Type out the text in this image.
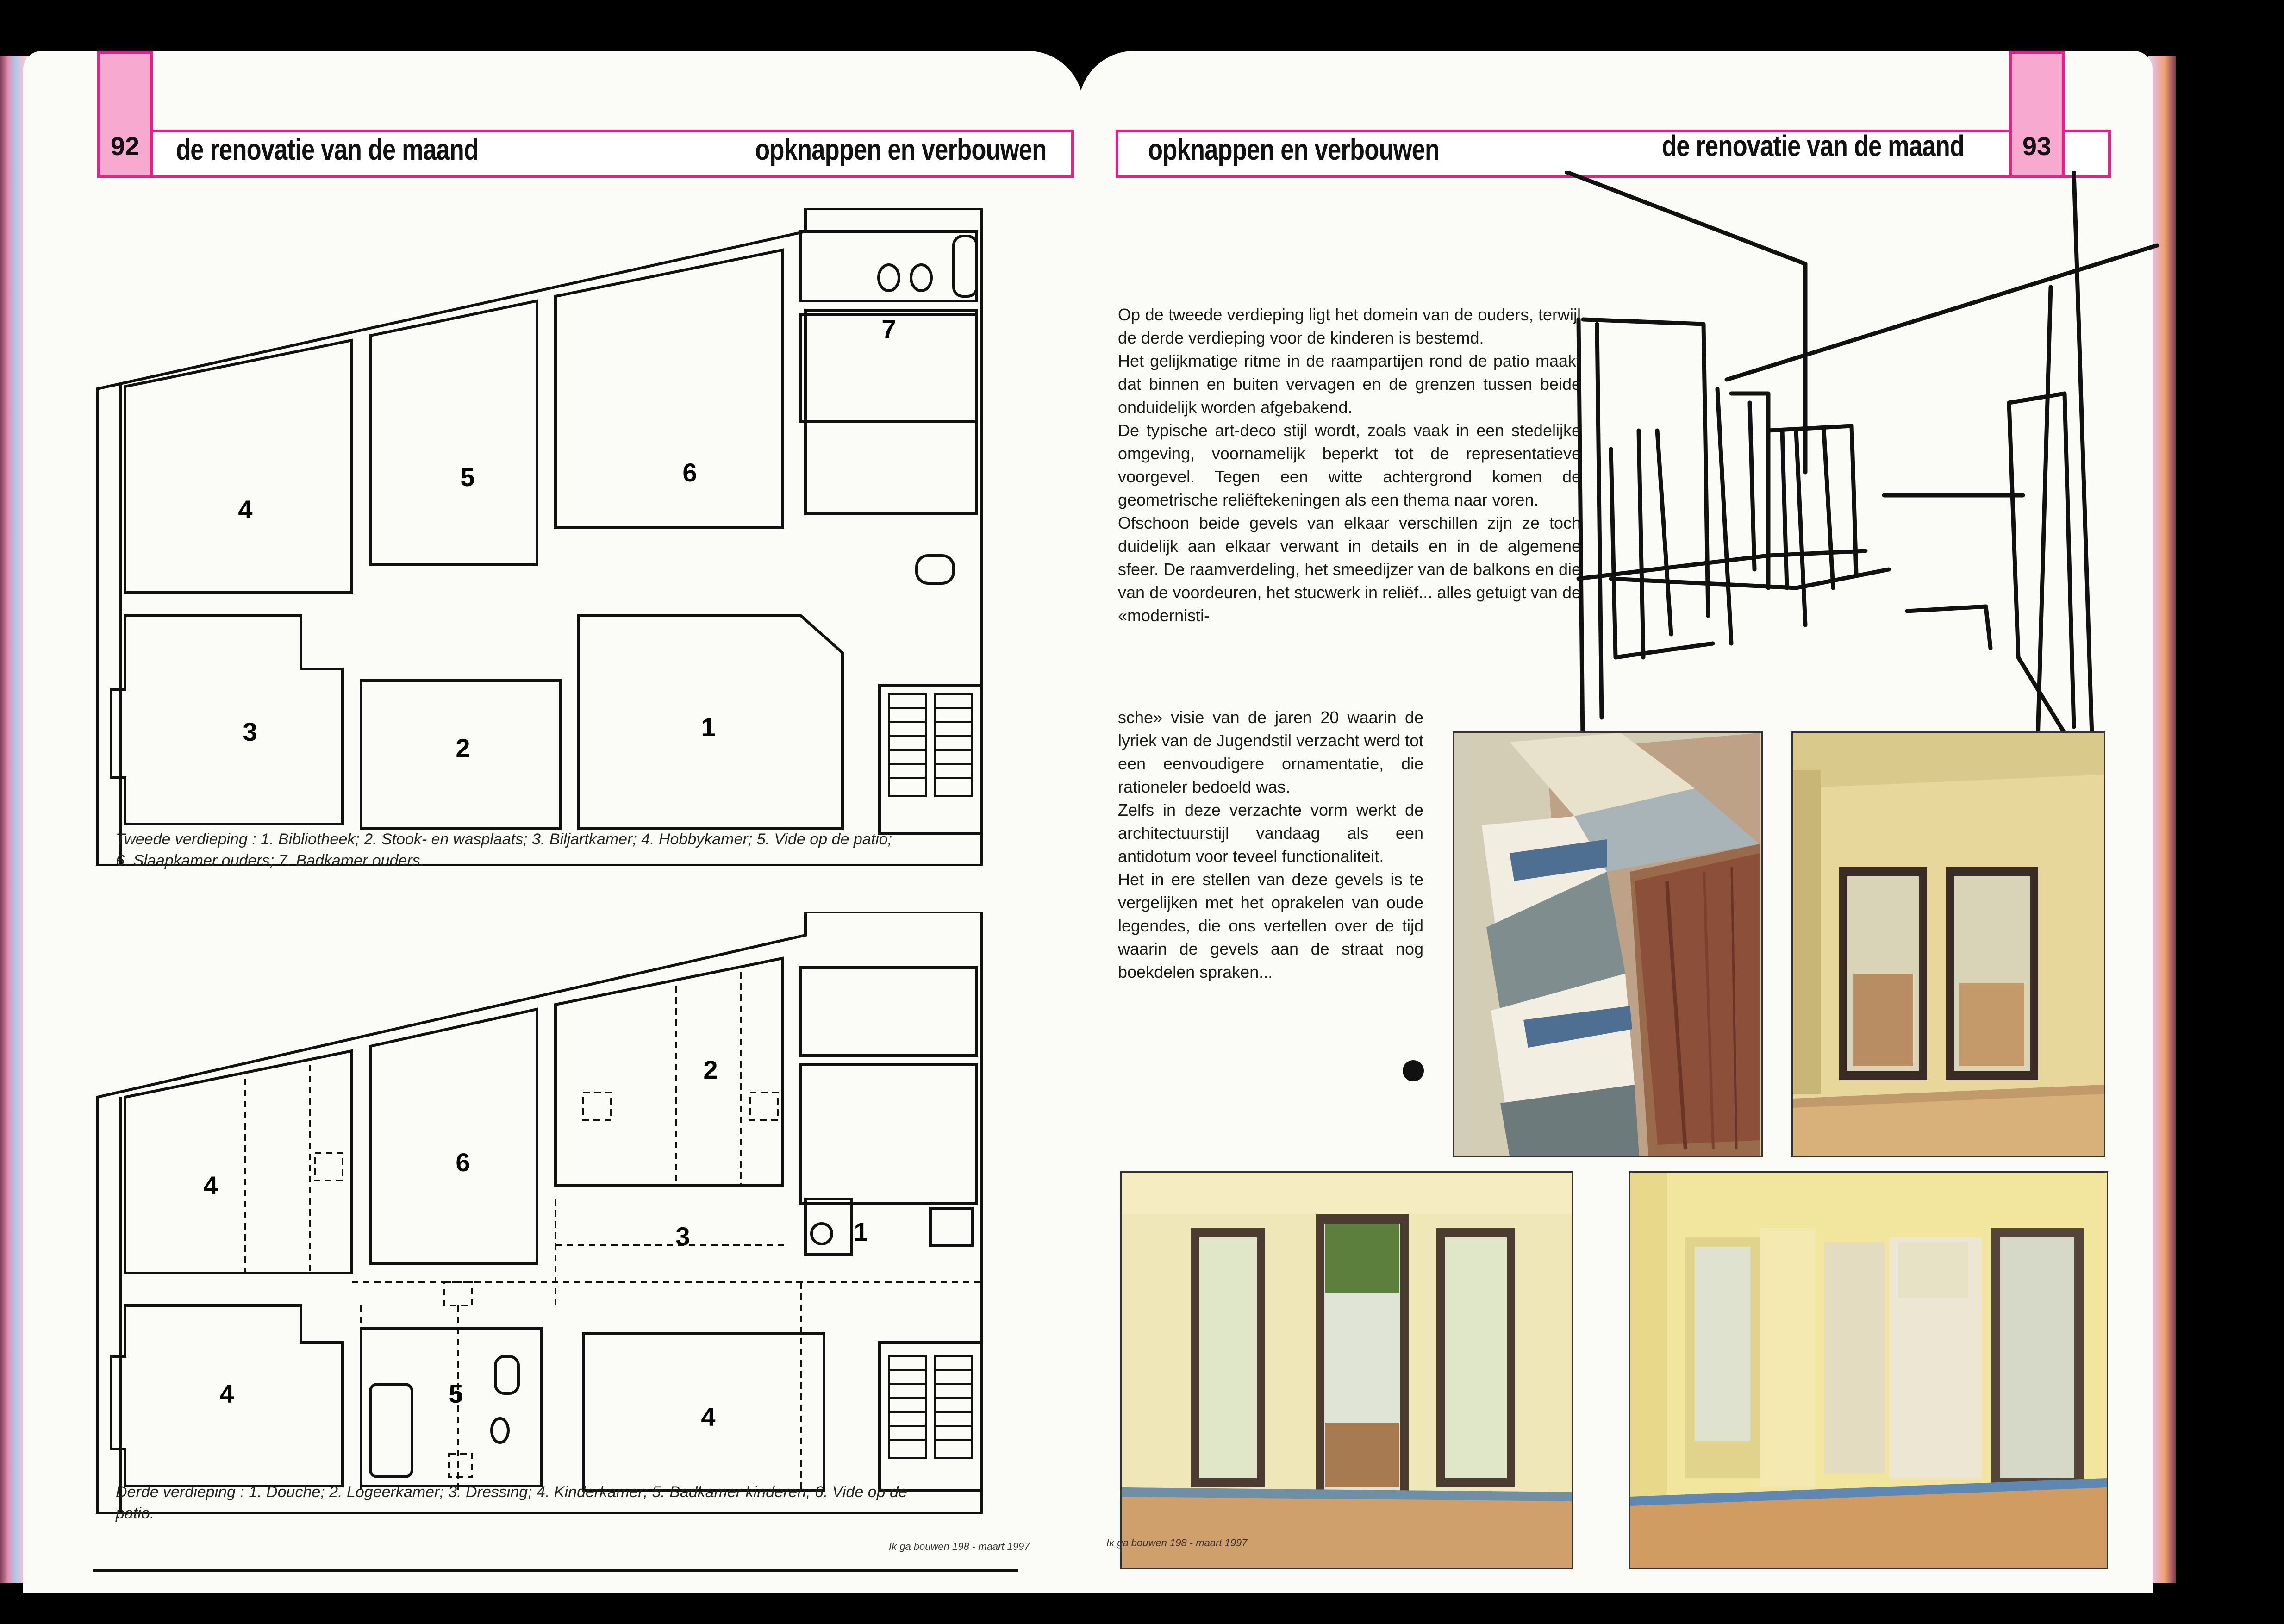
92	de renovatie van de maand	opknappen en verbouwen
4
5	6
7
3
2
1
Tweede verdieping : 1. Bibliotheek; 2. Stook- en wasplaats; 3. Biljartkamer; 4. Hobbykamer; 5. Vide op de patio; 6. Slaapkamer ouders; 7. Badkamer ouders.
4
6
2
3	1
4	5
4
Derde verdieping : 1. Douche; 2. Logeerkamer; 3. Dressing; 4. Kinderkamer; 5. Badkamer kinderen; 6. Vide op de patio.
Ik ga bouwen 198 - maart 1997
93
opknappen en verbouwen	de renovatie van de maand
Op de tweede verdieping ligt het domein van de ouders, terwijl de derde verdieping voor de kinderen is bestemd.
Het gelijkmatige ritme in de raampartijen rond de patio maakt dat binnen en buiten vervagen en de grenzen tussen beide onduidelijk worden afgebakend.
De typische art-deco stijl wordt, zoals vaak in een stedelijke omgeving, voornamelijk beperkt tot de representatieve voorgevel. Tegen een witte achtergrond komen de geometrische reliëftekeningen als een thema naar voren.
Ofschoon beide gevels van elkaar verschillen zijn ze toch duidelijk aan elkaar verwant in details en in de algemene sfeer. De raamverdeling, het smeedijzer van de balkons en die van de voordeuren, het stucwerk in reliëf... alles getuigt van de «modernisti-
sche» visie van de jaren 20 waarin de lyriek van de Jugendstil verzacht werd tot een eenvoudigere ornamentatie, die rationeler bedoeld was.
Zelfs in deze verzachte vorm werkt de architectuurstijl vandaag als een antidotum voor teveel functionaliteit.
Het in ere stellen van deze gevels is te vergelijken met het oprakelen van oude legendes, die ons vertellen over de tijd waarin de gevels aan de straat nog boekdelen spraken...
Ik ga bouwen 198 - maart 1997
